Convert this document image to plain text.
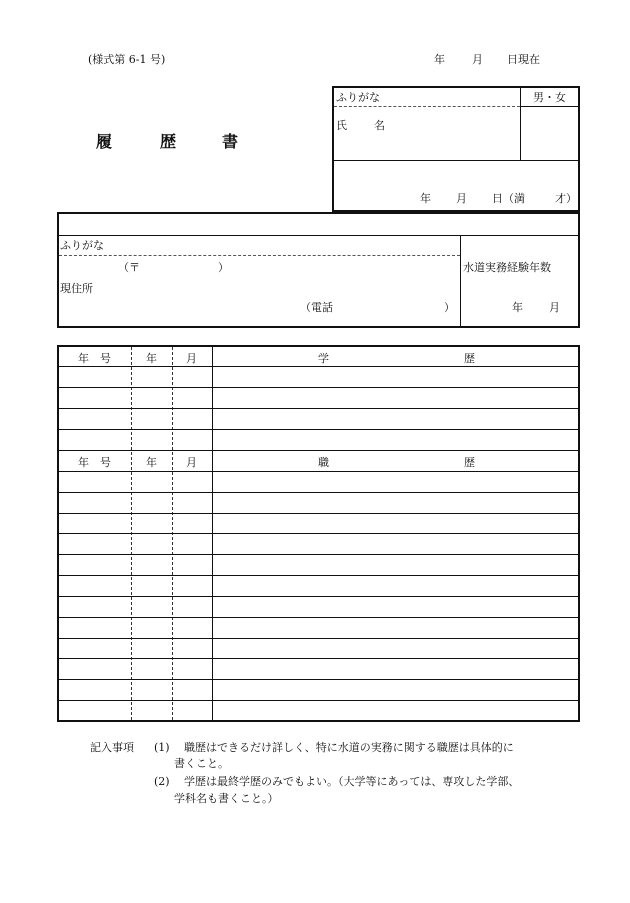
(様式第 6-1 号)	年 月 日現在
履	歴	書
ふりがな	男・女
氏 名
年 月 日（満	才）
ふりがな
（〒	）
現住所
（電話	）
水道実務経験年数
年 月
年　号	年	月	学	歴
年　号	年	月	職	歴
記入事項 (1) 職歴はできるだけ詳しく、特に水道の実務に関する職歴は具体的に
書くこと。
(2) 学歴は最終学歴のみでもよい。（大学等にあっては、専攻した学部、
学科名も書くこと。）
